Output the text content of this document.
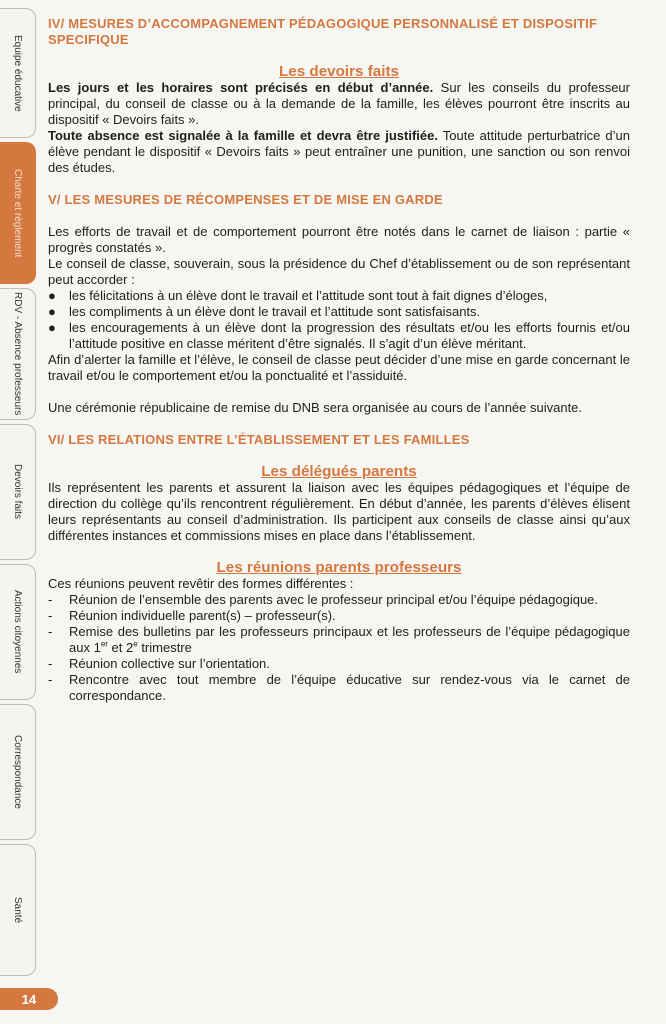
Equipe éducative
Charte et règlement
RDV - Absence professeurs
Devoirs faits
Actions citoyennes
Correspondance
Santé
14
IV/ MESURES D’ACCOMPAGNEMENT PÉDAGOGIQUE PERSONNALISÉ ET DISPOSITIF SPECIFIQUE
Les devoirs faits

Les jours et les horaires sont précisés en début d’année. Sur les conseils du professeur principal, du conseil de classe ou à la demande de la famille, les élèves pourront être inscrits au dispositif « Devoirs faits ».

Toute absence est signalée à la famille et devra être justifiée. Toute attitude perturbatrice d’un élève pendant le dispositif « Devoirs faits » peut entraîner une punition, une sanction ou son renvoi des études.

V/ LES MESURES DE RÉCOMPENSES ET DE MISE EN GARDE

Les efforts de travail et de comportement pourront être notés dans le carnet de liaison : partie « progrès constatés ».

Le conseil de classe, souverain, sous la présidence du Chef d’établissement ou de son représentant peut accorder :

● les félicitations à un élève dont le travail et l’attitude sont tout à fait dignes d’éloges,
● les compliments à un élève dont le travail et l’attitude sont satisfaisants.
● les encouragements à un élève dont la progression des résultats et/ou les efforts fournis et/ou l’attitude positive en classe méritent d’être signalés. Il s’agit d’un élève méritant.

Afin d’alerter la famille et l’élève, le conseil de classe peut décider d’une mise en garde concernant le travail et/ou le comportement et/ou la ponctualité et l’assiduité.

Une cérémonie républicaine de remise du DNB sera organisée au cours de l’année suivante.

VI/ LES RELATIONS ENTRE L’ÉTABLISSEMENT ET LES FAMILLES
Les délégués parents

Ils représentent les parents et assurent la liaison avec les équipes pédagogiques et l’équipe de direction du collège qu’ils rencontrent régulièrement. En début d’année, les parents d’élèves élisent leurs représentants au conseil d’administration. Ils participent aux conseils de classe ainsi qu’aux différentes instances et commissions mises en place dans l’établissement.

Les réunions parents professeurs

Ces réunions peuvent revêtir des formes différentes :

- Réunion de l’ensemble des parents avec le professeur principal et/ou l’équipe pédagogique.
- Réunion individuelle parent(s) – professeur(s).
- Remise des bulletins par les professeurs principaux et les professeurs de l’équipe pédagogique aux 1er et 2e trimestre
- Réunion collective sur l’orientation.
- Rencontre avec tout membre de l’équipe éducative sur rendez-vous via le carnet de correspondance.
